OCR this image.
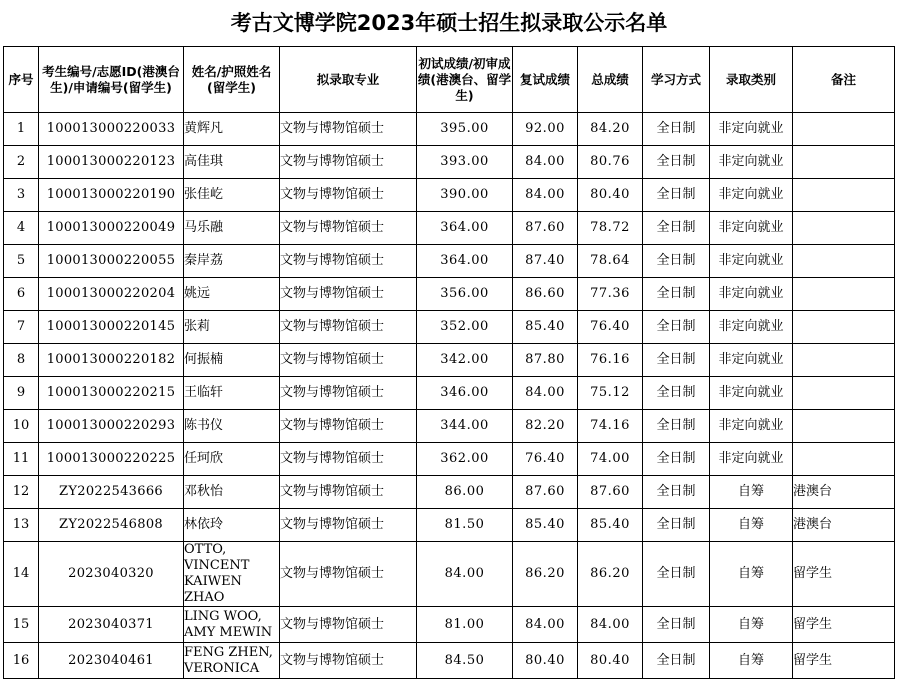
考古文博学院2023年硕士招生拟录取公示名单
序号	考生编号/志愿ID(港澳台生)/申请编号(留学生)	姓名/护照姓名(留学生)	拟录取专业	初试成绩/初审成绩(港澳台、留学生)	复试成绩	总成绩	学习方式	录取类别	备注
1	100013000220033	黄辉凡	文物与博物馆硕士	395.00	92.00	84.20	全日制	非定向就业	
2	100013000220123	高佳琪	文物与博物馆硕士	393.00	84.00	80.76	全日制	非定向就业	
3	100013000220190	张佳屹	文物与博物馆硕士	390.00	84.00	80.40	全日制	非定向就业	
4	100013000220049	马乐融	文物与博物馆硕士	364.00	87.60	78.72	全日制	非定向就业	
5	100013000220055	秦岸荔	文物与博物馆硕士	364.00	87.40	78.64	全日制	非定向就业	
6	100013000220204	姚远	文物与博物馆硕士	356.00	86.60	77.36	全日制	非定向就业	
7	100013000220145	张莉	文物与博物馆硕士	352.00	85.40	76.40	全日制	非定向就业	
8	100013000220182	何振楠	文物与博物馆硕士	342.00	87.80	76.16	全日制	非定向就业	
9	100013000220215	王临轩	文物与博物馆硕士	346.00	84.00	75.12	全日制	非定向就业	
10	100013000220293	陈书仪	文物与博物馆硕士	344.00	82.20	74.16	全日制	非定向就业	
11	100013000220225	任珂欣	文物与博物馆硕士	362.00	76.40	74.00	全日制	非定向就业	
12	ZY2022543666	邓秋怡	文物与博物馆硕士	86.00	87.60	87.60	全日制	自筹	港澳台
13	ZY2022546808	林依玲	文物与博物馆硕士	81.50	85.40	85.40	全日制	自筹	港澳台
14	2023040320	OTTO, VINCENT KAIWEN ZHAO	文物与博物馆硕士	84.00	86.20	86.20	全日制	自筹	留学生
15	2023040371	LING WOO, AMY MEWIN	文物与博物馆硕士	81.00	84.00	84.00	全日制	自筹	留学生
16	2023040461	FENG ZHEN, VERONICA	文物与博物馆硕士	84.50	80.40	80.40	全日制	自筹	留学生
